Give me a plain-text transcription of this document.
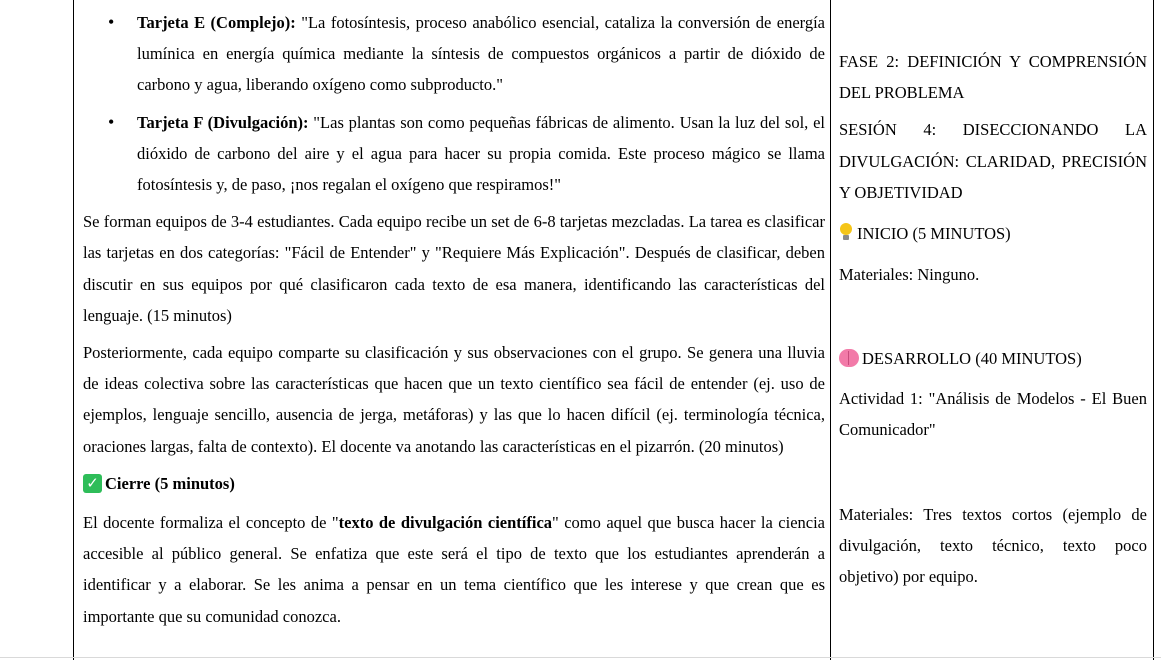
• Tarjeta E (Complejo): "La fotosíntesis, proceso anabólico esencial, cataliza la conversión de energía lumínica en energía química mediante la síntesis de compuestos orgánicos a partir de dióxido de carbono y agua, liberando oxígeno como subproducto."
• Tarjeta F (Divulgación): "Las plantas son como pequeñas fábricas de alimento. Usan la luz del sol, el dióxido de carbono del aire y el agua para hacer su propia comida. Este proceso mágico se llama fotosíntesis y, de paso, ¡nos regalan el oxígeno que respiramos!"

Se forman equipos de 3-4 estudiantes. Cada equipo recibe un set de 6-8 tarjetas mezcladas. La tarea es clasificar las tarjetas en dos categorías: "Fácil de Entender" y "Requiere Más Explicación". Después de clasificar, deben discutir en sus equipos por qué clasificaron cada texto de esa manera, identificando las características del lenguaje. (15 minutos)

Posteriormente, cada equipo comparte su clasificación y sus observaciones con el grupo. Se genera una lluvia de ideas colectiva sobre las características que hacen que un texto científico sea fácil de entender (ej. uso de ejemplos, lenguaje sencillo, ausencia de jerga, metáforas) y las que lo hacen difícil (ej. terminología técnica, oraciones largas, falta de contexto). El docente va anotando las características en el pizarrón. (20 minutos)

✓ Cierre (5 minutos)

El docente formaliza el concepto de "texto de divulgación científica" como aquel que busca hacer la ciencia accesible al público general. Se enfatiza que este será el tipo de texto que los estudiantes aprenderán a identificar y a elaborar. Se les anima a pensar en un tema científico que les interese y que crean que es importante que su comunidad conozca.

FASE 2: DEFINICIÓN Y COMPRENSIÓN DEL PROBLEMA

SESIÓN 4: DISECCIONANDO LA DIVULGACIÓN: CLARIDAD, PRECISIÓN Y OBJETIVIDAD

INICIO (5 MINUTOS)

Materiales: Ninguno.

DESARROLLO (40 MINUTOS)

Actividad 1: "Análisis de Modelos - El Buen Comunicador"

Materiales: Tres textos cortos (ejemplo de divulgación, texto técnico, texto poco objetivo) por equipo.
